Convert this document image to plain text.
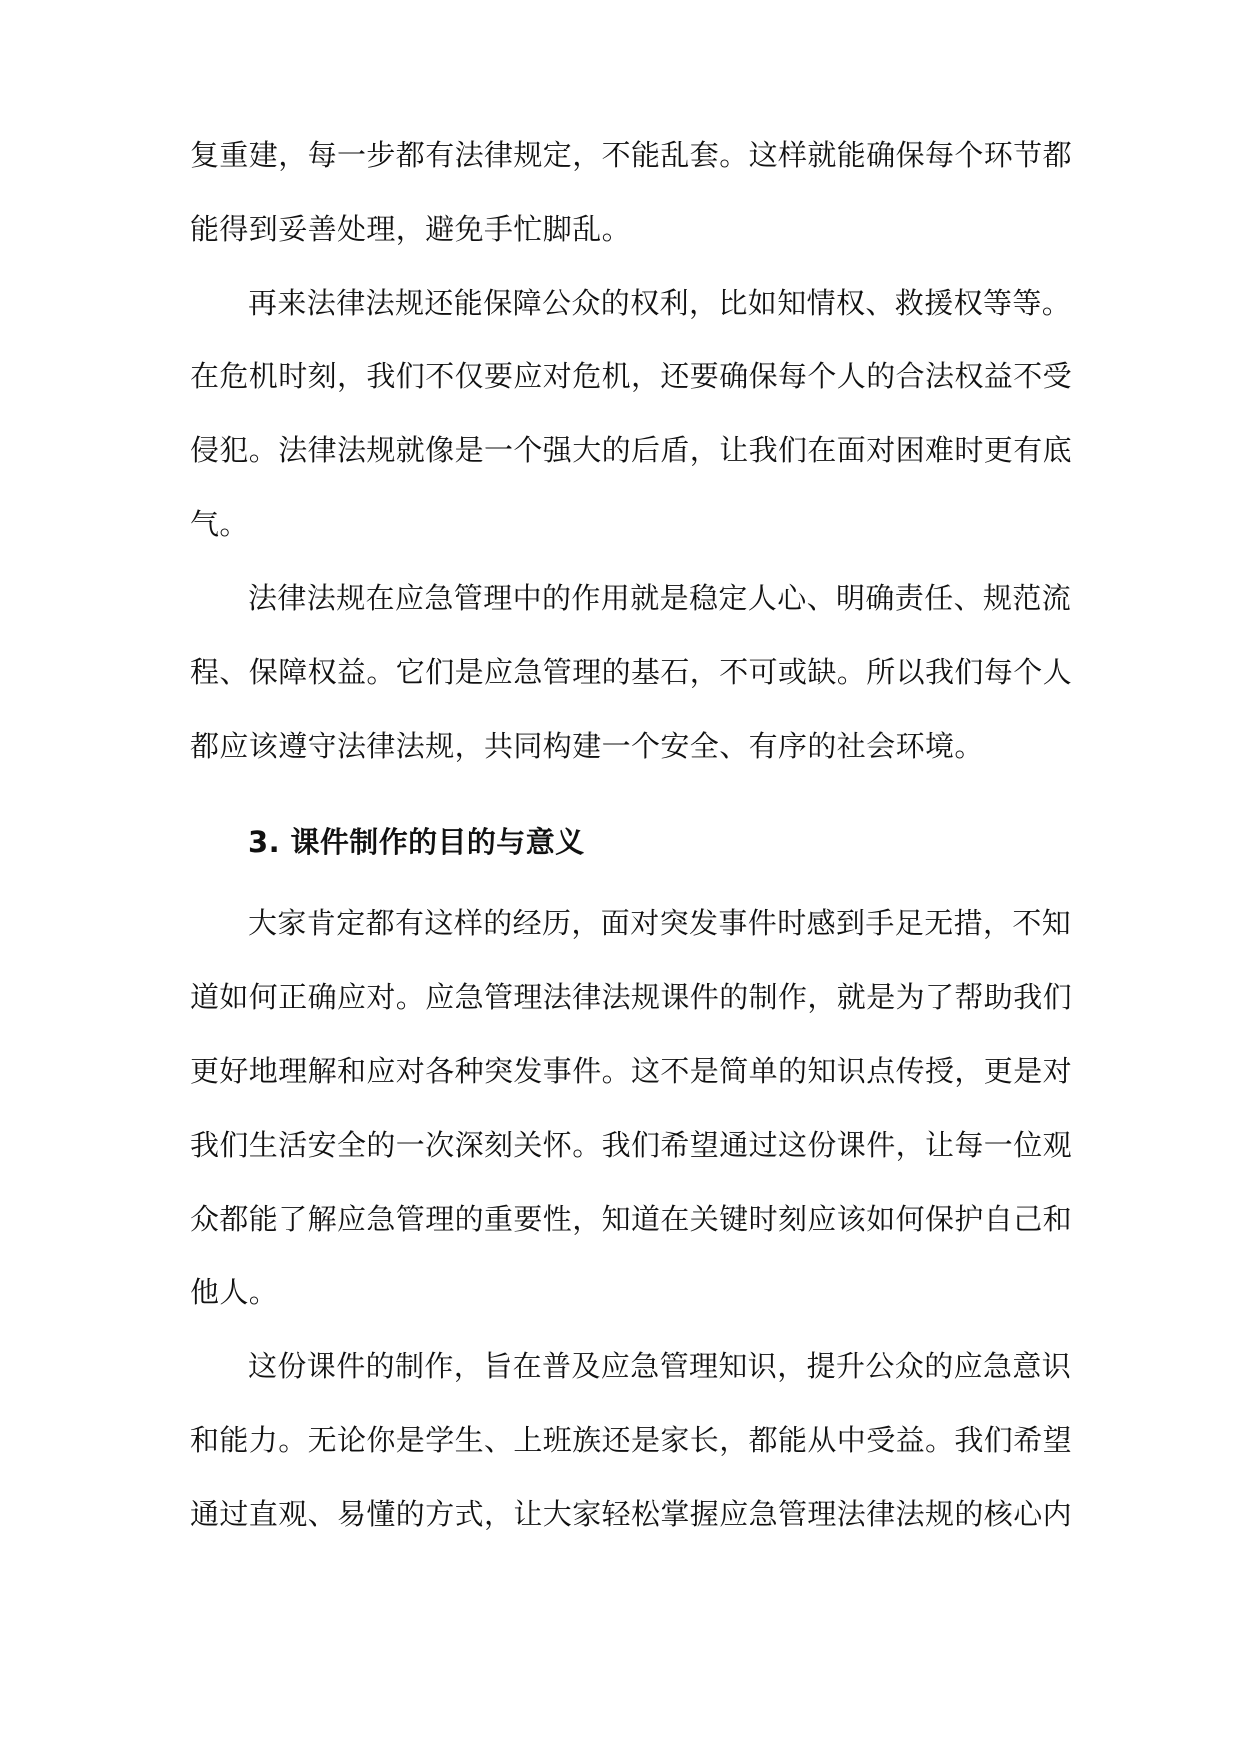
复重建，每一步都有法律规定，不能乱套。这样就能确保每个环节都
能得到妥善处理，避免手忙脚乱。
再来法律法规还能保障公众的权利，比如知情权、救援权等等。
在危机时刻，我们不仅要应对危机，还要确保每个人的合法权益不受
侵犯。法律法规就像是一个强大的后盾，让我们在面对困难时更有底
气。
法律法规在应急管理中的作用就是稳定人心、明确责任、规范流
程、保障权益。它们是应急管理的基石，不可或缺。所以我们每个人
都应该遵守法律法规，共同构建一个安全、有序的社会环境。
3. 课件制作的目的与意义
大家肯定都有这样的经历，面对突发事件时感到手足无措，不知
道如何正确应对。应急管理法律法规课件的制作，就是为了帮助我们
更好地理解和应对各种突发事件。这不是简单的知识点传授，更是对
我们生活安全的一次深刻关怀。我们希望通过这份课件，让每一位观
众都能了解应急管理的重要性，知道在关键时刻应该如何保护自己和
他人。
这份课件的制作，旨在普及应急管理知识，提升公众的应急意识
和能力。无论你是学生、上班族还是家长，都能从中受益。我们希望
通过直观、易懂的方式，让大家轻松掌握应急管理法律法规的核心内
